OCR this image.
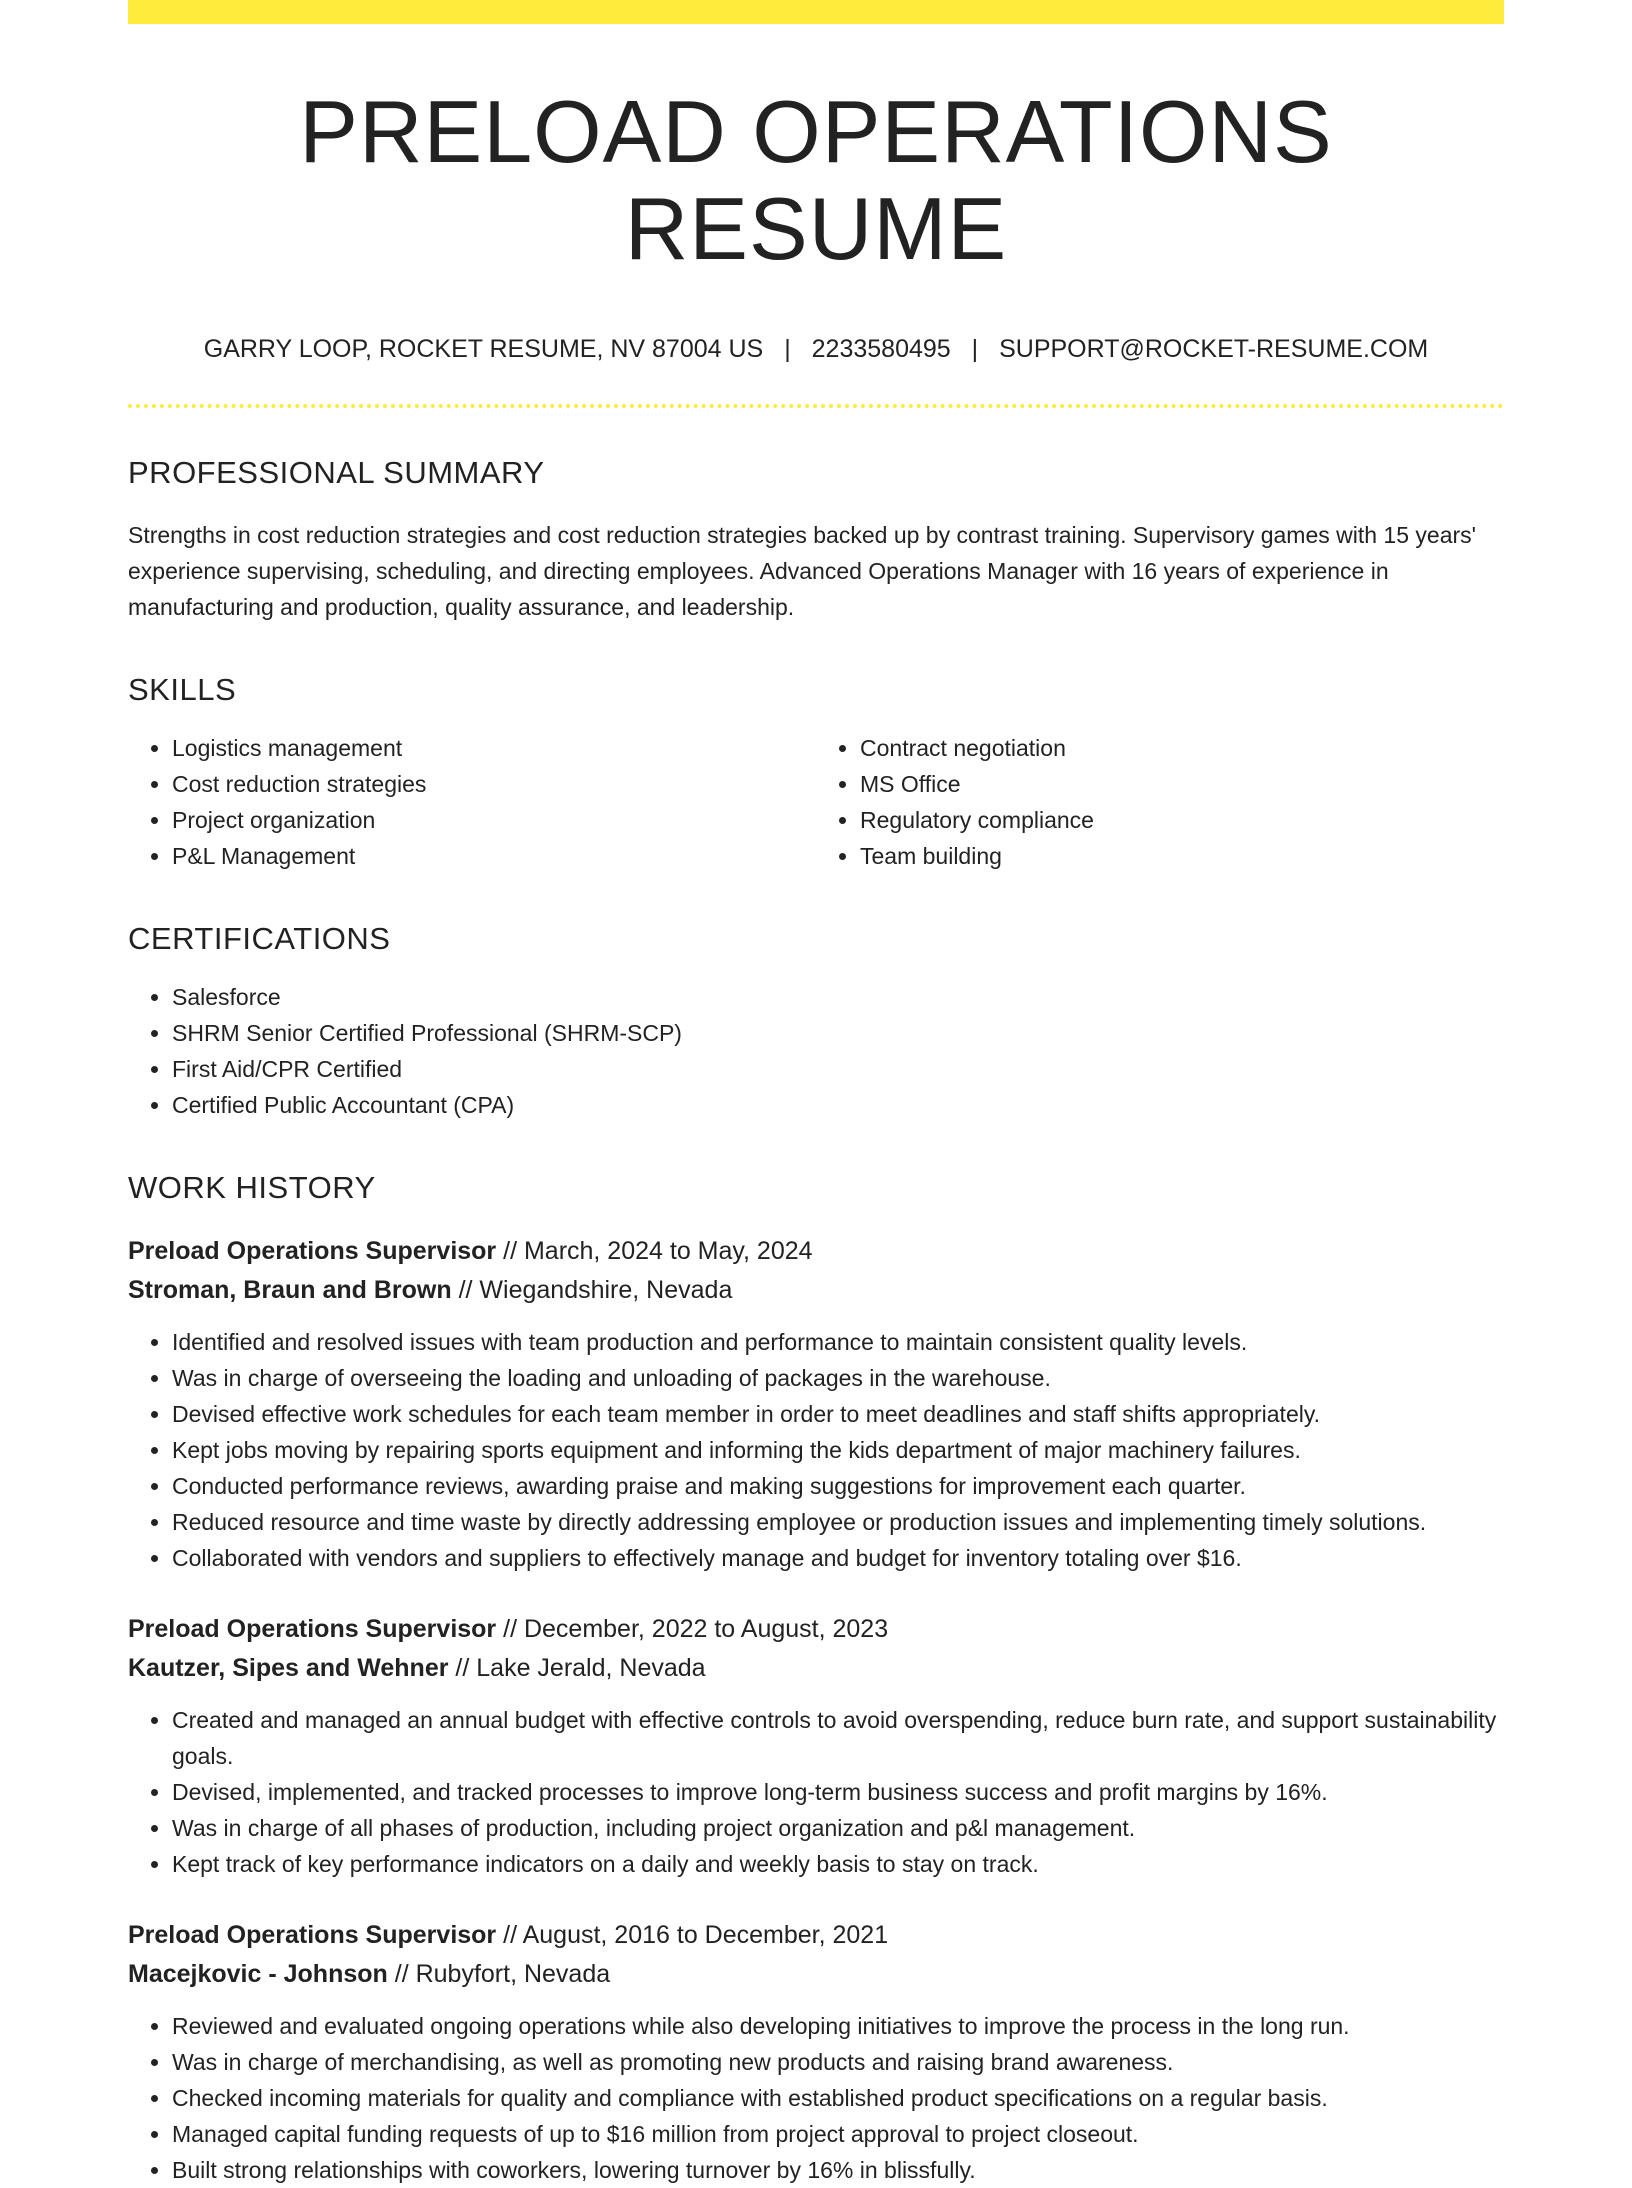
PRELOAD OPERATIONS RESUME
GARRY LOOP, ROCKET RESUME, NV 87004 US | 2233580495 | SUPPORT@ROCKET-RESUME.COM
PROFESSIONAL SUMMARY

Strengths in cost reduction strategies and cost reduction strategies backed up by contrast training. Supervisory games with 15 years' experience supervising, scheduling, and directing employees. Advanced Operations Manager with 16 years of experience in manufacturing and production, quality assurance, and leadership.

SKILLS
• Logistics management
• Cost reduction strategies
• Project organization
• P&L Management
• Contract negotiation
• MS Office
• Regulatory compliance
• Team building
CERTIFICATIONS
• Salesforce
• SHRM Senior Certified Professional (SHRM-SCP)
• First Aid/CPR Certified
• Certified Public Accountant (CPA)
WORK HISTORY
Preload Operations Supervisor // March, 2024 to May, 2024
Stroman, Braun and Brown // Wiegandshire, Nevada
• Identified and resolved issues with team production and performance to maintain consistent quality levels.
• Was in charge of overseeing the loading and unloading of packages in the warehouse.
• Devised effective work schedules for each team member in order to meet deadlines and staff shifts appropriately.
• Kept jobs moving by repairing sports equipment and informing the kids department of major machinery failures.
• Conducted performance reviews, awarding praise and making suggestions for improvement each quarter.
• Reduced resource and time waste by directly addressing employee or production issues and implementing timely solutions.
• Collaborated with vendors and suppliers to effectively manage and budget for inventory totaling over $16.
Preload Operations Supervisor // December, 2022 to August, 2023
Kautzer, Sipes and Wehner // Lake Jerald, Nevada
• Created and managed an annual budget with effective controls to avoid overspending, reduce burn rate, and support sustainability goals.
• Devised, implemented, and tracked processes to improve long-term business success and profit margins by 16%.
• Was in charge of all phases of production, including project organization and p&l management.
• Kept track of key performance indicators on a daily and weekly basis to stay on track.
Preload Operations Supervisor // August, 2016 to December, 2021
Macejkovic - Johnson // Rubyfort, Nevada
• Reviewed and evaluated ongoing operations while also developing initiatives to improve the process in the long run.
• Was in charge of merchandising, as well as promoting new products and raising brand awareness.
• Checked incoming materials for quality and compliance with established product specifications on a regular basis.
• Managed capital funding requests of up to $16 million from project approval to project closeout.
• Built strong relationships with coworkers, lowering turnover by 16% in blissfully.
